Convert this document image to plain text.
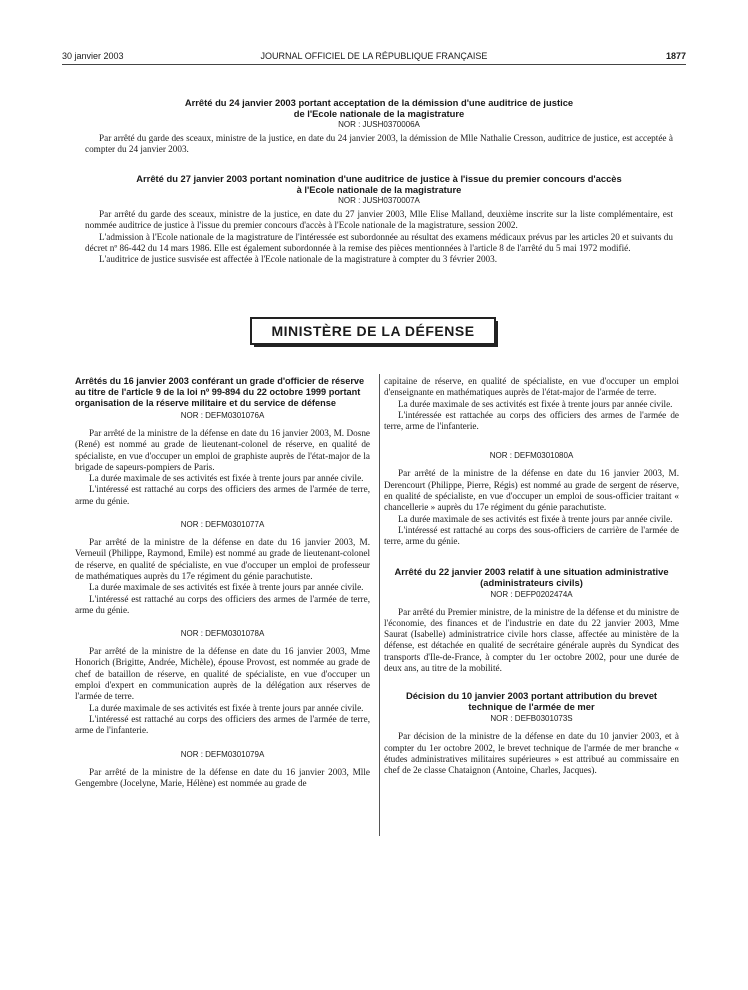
30 janvier 2003	JOURNAL OFFICIEL DE LA RÉPUBLIQUE FRANÇAISE	1877
Arrêté du 24 janvier 2003 portant acceptation de la démission d'une auditrice de justice
de l'Ecole nationale de la magistrature
NOR : JUSH0370006A

Par arrêté du garde des sceaux, ministre de la justice, en date du 24 janvier 2003, la démission de Mlle Nathalie Cresson, auditrice de justice, est acceptée à compter du 24 janvier 2003.

Arrêté du 27 janvier 2003 portant nomination d'une auditrice de justice à l'issue du premier concours d'accès
à l'Ecole nationale de la magistrature
NOR : JUSH0370007A

Par arrêté du garde des sceaux, ministre de la justice, en date du 27 janvier 2003, Mlle Elise Malland, deuxième inscrite sur la liste complémentaire, est nommée auditrice de justice à l'issue du premier concours d'accès à l'Ecole nationale de la magistrature, session 2002.

L'admission à l'Ecole nationale de la magistrature de l'intéressée est subordonnée au résultat des examens médicaux prévus par les articles 20 et suivants du décret nº 86-442 du 14 mars 1986. Elle est également subordonnée à la remise des pièces mentionnées à l'article 8 de l'arrêté du 5 mai 1972 modifié.

L'auditrice de justice susvisée est affectée à l'Ecole nationale de la magistrature à compter du 3 février 2003.

MINISTÈRE DE LA DÉFENSE
Arrêtés du 16 janvier 2003 conférant un grade d'officier de réserve au titre de l'article 9 de la loi nº 99-894 du 22 octobre 1999 portant organisation de la réserve militaire et du service de défense
NOR : DEFM0301076A

Par arrêté de la ministre de la défense en date du 16 janvier 2003, M. Dosne (René) est nommé au grade de lieutenant-colonel de réserve, en qualité de spécialiste, en vue d'occuper un emploi de graphiste auprès de l'état-major de la brigade de sapeurs-pompiers de Paris.

La durée maximale de ses activités est fixée à trente jours par année civile.

L'intéressé est rattaché au corps des officiers des armes de l'armée de terre, arme du génie.

NOR : DEFM0301077A

Par arrêté de la ministre de la défense en date du 16 janvier 2003, M. Verneuil (Philippe, Raymond, Emile) est nommé au grade de lieutenant-colonel de réserve, en qualité de spécialiste, en vue d'occuper un emploi de professeur de mathématiques auprès du 17e régiment du génie parachutiste.

La durée maximale de ses activités est fixée à trente jours par année civile.

L'intéressé est rattaché au corps des officiers des armes de l'armée de terre, arme du génie.

NOR : DEFM0301078A

Par arrêté de la ministre de la défense en date du 16 janvier 2003, Mme Honorich (Brigitte, Andrée, Michèle), épouse Provost, est nommée au grade de chef de bataillon de réserve, en qualité de spécialiste, en vue d'occuper un emploi d'expert en communication auprès de la délégation aux réserves de l'armée de terre.

La durée maximale de ses activités est fixée à trente jours par année civile.

L'intéressé est rattaché au corps des officiers des armes de l'armée de terre, arme de l'infanterie.

NOR : DEFM0301079A

Par arrêté de la ministre de la défense en date du 16 janvier 2003, Mlle Gengembre (Jocelyne, Marie, Hélène) est nommée au grade de

capitaine de réserve, en qualité de spécialiste, en vue d'occuper un emploi d'enseignante en mathématiques auprès de l'état-major de l'armée de terre.

La durée maximale de ses activités est fixée à trente jours par année civile.

L'intéressée est rattachée au corps des officiers des armes de l'armée de terre, arme de l'infanterie.

NOR : DEFM0301080A

Par arrêté de la ministre de la défense en date du 16 janvier 2003, M. Derencourt (Philippe, Pierre, Régis) est nommé au grade de sergent de réserve, en qualité de spécialiste, en vue d'occuper un emploi de sous-officier traitant « chancellerie » auprès du 17e régiment du génie parachutiste.

La durée maximale de ses activités est fixée à trente jours par année civile.

L'intéressé est rattaché au corps des sous-officiers de carrière de l'armée de terre, arme du génie.

Arrêté du 22 janvier 2003 relatif à une situation administrative (administrateurs civils)
NOR : DEFP0202474A

Par arrêté du Premier ministre, de la ministre de la défense et du ministre de l'économie, des finances et de l'industrie en date du 22 janvier 2003, Mme Saurat (Isabelle) administratrice civile hors classe, affectée au ministère de la défense, est détachée en qualité de secrétaire générale auprès du Syndicat des transports d'Ile-de-France, à compter du 1er octobre 2002, pour une durée de deux ans, au titre de la mobilité.

Décision du 10 janvier 2003 portant attribution du brevet technique de l'armée de mer
NOR : DEFB0301073S

Par décision de la ministre de la défense en date du 10 janvier 2003, et à compter du 1er octobre 2002, le brevet technique de l'armée de mer branche « études administratives militaires supérieures » est attribué au commissaire en chef de 2e classe Chataignon (Antoine, Charles, Jacques).
